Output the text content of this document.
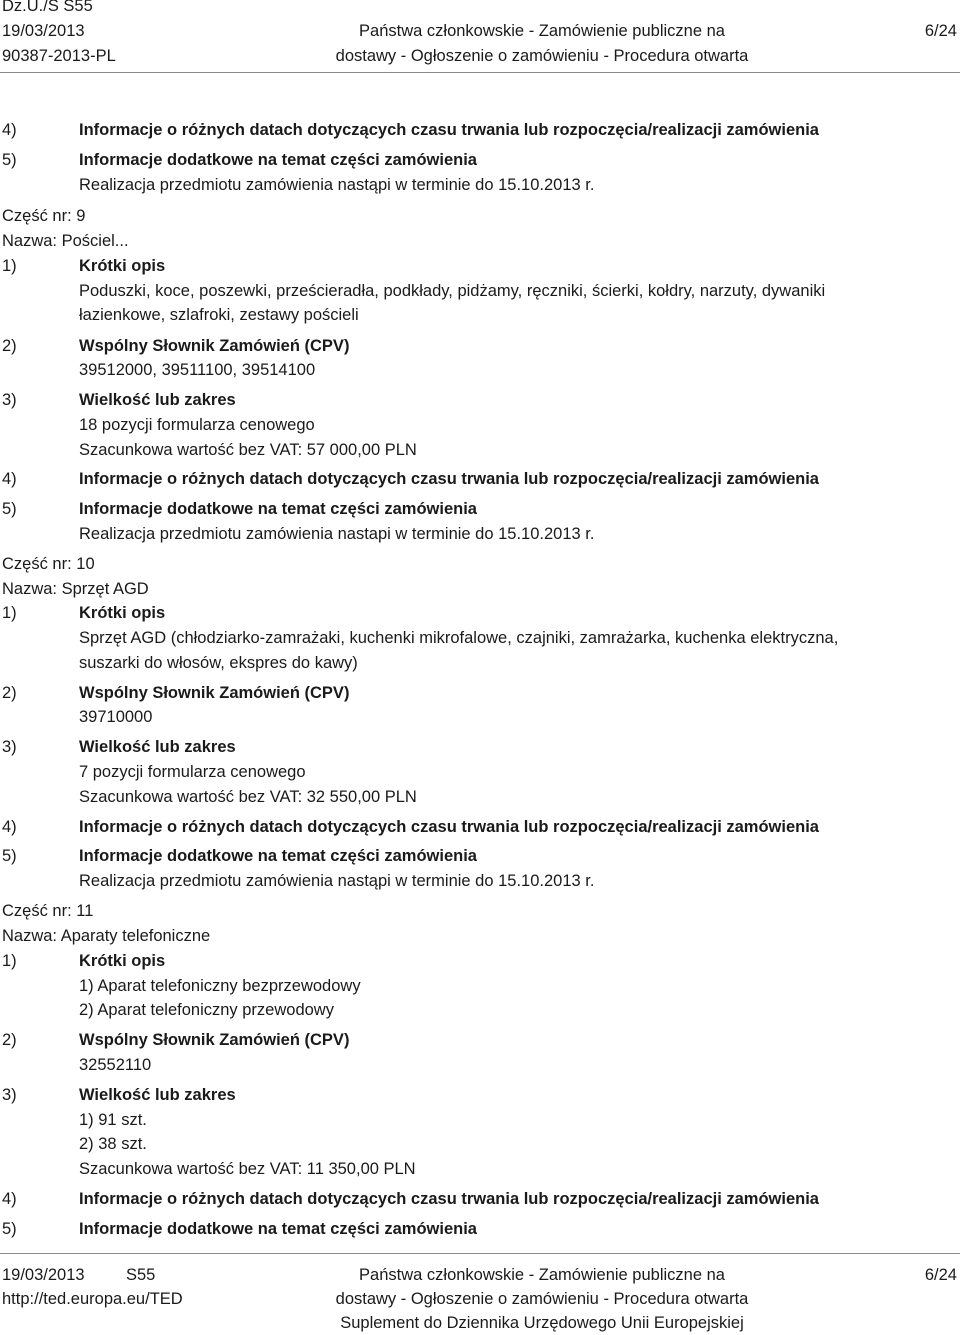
Dz.U./S S55
19/03/2013
90387-2013-PL
Państwa członkowskie - Zamówienie publiczne na
dostawy - Ogłoszenie o zamówieniu - Procedura otwarta
6/24
4)	Informacje o różnych datach dotyczących czasu trwania lub rozpoczęcia/realizacji zamówienia
5)	Informacje dodatkowe na temat części zamówienia
Realizacja przedmiotu zamówienia nastąpi w terminie do 15.10.2013 r.
Część nr: 9
Nazwa: Pościel...
1)	Krótki opis
Poduszki, koce, poszewki, prześcieradła, podkłady, pidżamy, ręczniki, ścierki, kołdry, narzuty, dywaniki
łazienkowe, szlafroki, zestawy pościeli
2)	Wspólny Słownik Zamówień (CPV)
39512000, 39511100, 39514100
3)	Wielkość lub zakres
18 pozycji formularza cenowego
Szacunkowa wartość bez VAT: 57 000,00 PLN
4)	Informacje o różnych datach dotyczących czasu trwania lub rozpoczęcia/realizacji zamówienia
5)	Informacje dodatkowe na temat części zamówienia
Realizacja przedmiotu zamówienia nastapi w terminie do 15.10.2013 r.
Część nr: 10
Nazwa: Sprzęt AGD
1)	Krótki opis
Sprzęt AGD (chłodziarko-zamrażaki, kuchenki mikrofalowe, czajniki, zamrażarka, kuchenka elektryczna,
suszarki do włosów, ekspres do kawy)
2)	Wspólny Słownik Zamówień (CPV)
39710000
3)	Wielkość lub zakres
7 pozycji formularza cenowego
Szacunkowa wartość bez VAT: 32 550,00 PLN
4)	Informacje o różnych datach dotyczących czasu trwania lub rozpoczęcia/realizacji zamówienia
5)	Informacje dodatkowe na temat części zamówienia
Realizacja przedmiotu zamówienia nastąpi w terminie do 15.10.2013 r.
Część nr: 11
Nazwa: Aparaty telefoniczne
1)	Krótki opis
1) Aparat telefoniczny bezprzewodowy
2) Aparat telefoniczny przewodowy
2)	Wspólny Słownik Zamówień (CPV)
32552110
3)	Wielkość lub zakres
1) 91 szt.
2) 38 szt.
Szacunkowa wartość bez VAT: 11 350,00 PLN
4)	Informacje o różnych datach dotyczących czasu trwania lub rozpoczęcia/realizacji zamówienia
5)	Informacje dodatkowe na temat części zamówienia
19/03/2013	S55
http://ted.europa.eu/TED
Państwa członkowskie - Zamówienie publiczne na
dostawy - Ogłoszenie o zamówieniu - Procedura otwarta
Suplement do Dziennika Urzędowego Unii Europejskiej
6/24
